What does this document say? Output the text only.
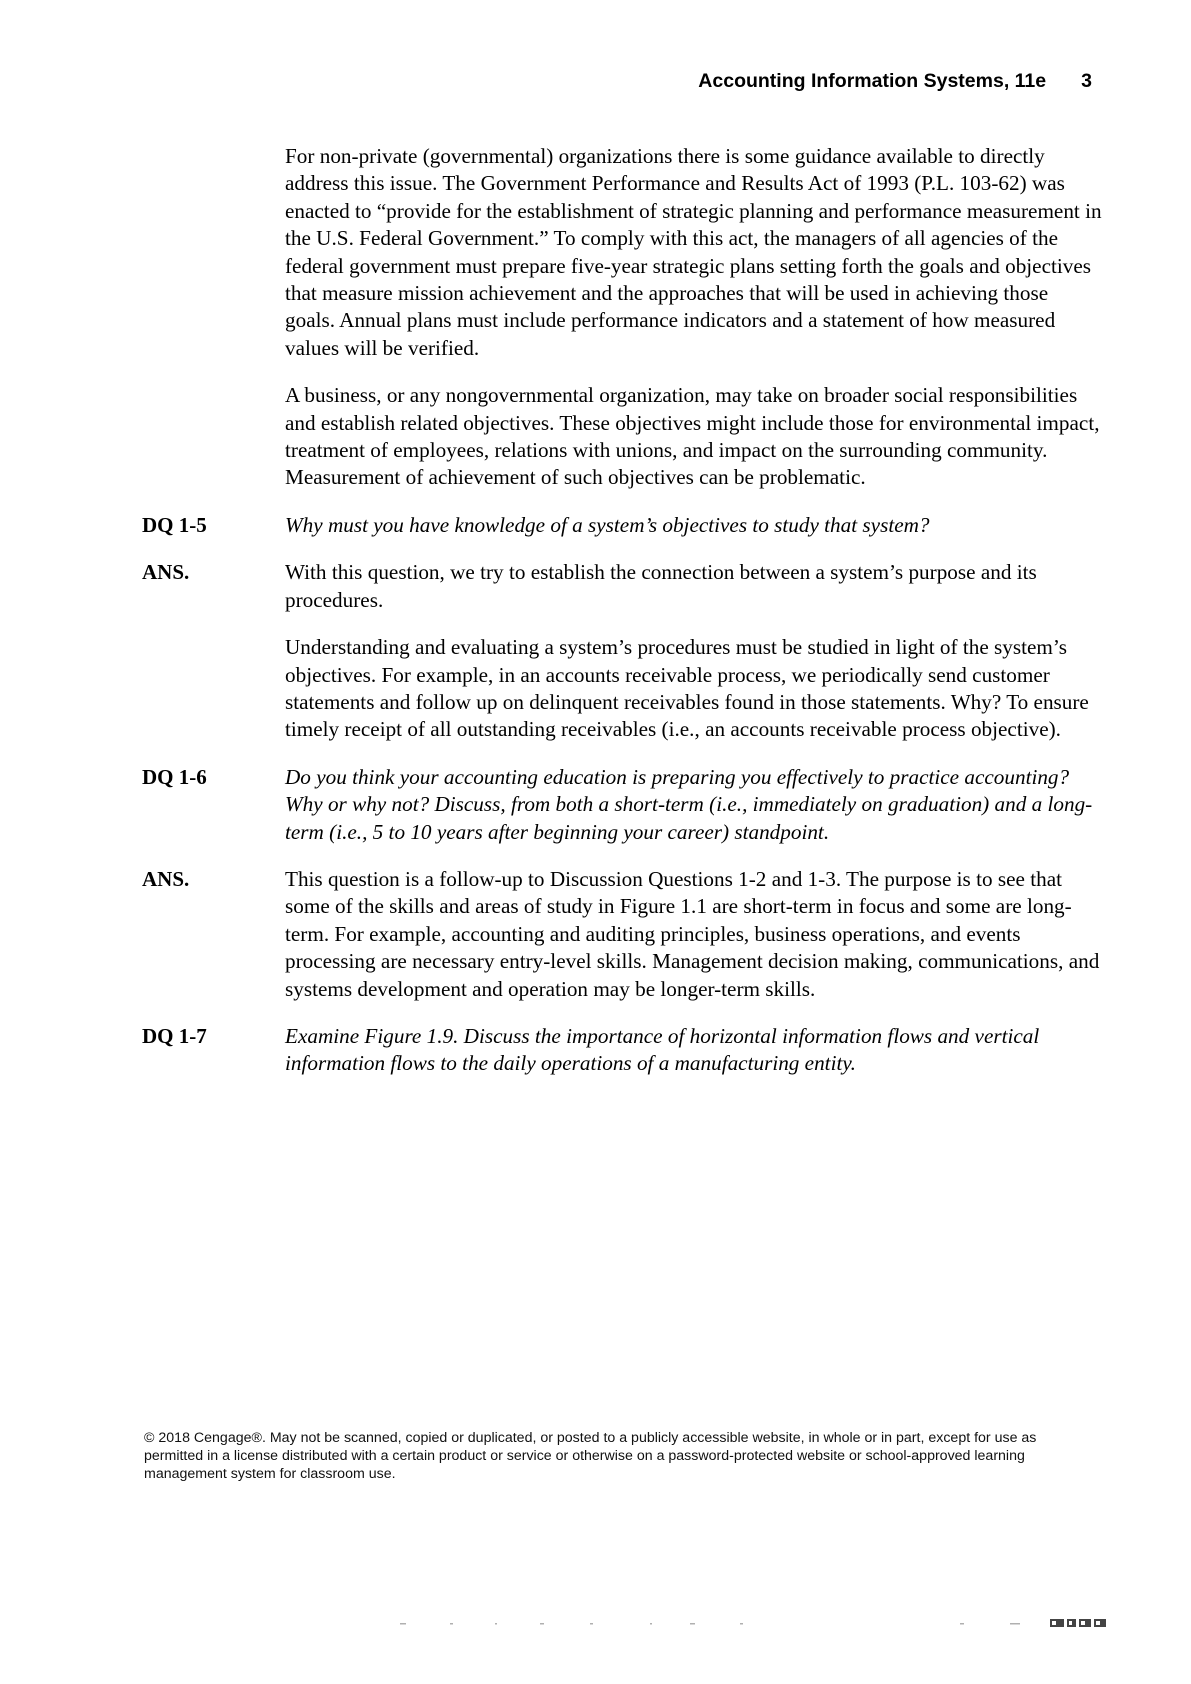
Accounting Information Systems, 11e 3

For non-private (governmental) organizations there is some guidance available to directly address this issue. The Government Performance and Results Act of 1993 (P.L. 103-62) was enacted to “provide for the establishment of strategic planning and performance measurement in the U.S. Federal Government.” To comply with this act, the managers of all agencies of the federal government must prepare five-year strategic plans setting forth the goals and objectives that measure mission achievement and the approaches that will be used in achieving those goals. Annual plans must include performance indicators and a statement of how measured values will be verified.

A business, or any nongovernmental organization, may take on broader social responsibilities and establish related objectives. These objectives might include those for environmental impact, treatment of employees, relations with unions, and impact on the surrounding community. Measurement of achievement of such objectives can be problematic.

DQ 1-5	Why must you have knowledge of a system’s objectives to study that system?
ANS.	With this question, we try to establish the connection between a system’s purpose and its procedures.

Understanding and evaluating a system’s procedures must be studied in light of the system’s objectives. For example, in an accounts receivable process, we periodically send customer statements and follow up on delinquent receivables found in those statements. Why? To ensure timely receipt of all outstanding receivables (i.e., an accounts receivable process objective).

DQ 1-6	Do you think your accounting education is preparing you effectively to practice accounting? Why or why not? Discuss, from both a short-term (i.e., immediately on graduation) and a long-term (i.e., 5 to 10 years after beginning your career) standpoint.
ANS.	This question is a follow-up to Discussion Questions 1-2 and 1-3. The purpose is to see that some of the skills and areas of study in Figure 1.1 are short-term in focus and some are long-term. For example, accounting and auditing principles, business operations, and events processing are necessary entry-level skills. Management decision making, communications, and systems development and operation may be longer-term skills.

DQ 1-7	Examine Figure 1.9. Discuss the importance of horizontal information flows and vertical information flows to the daily operations of a manufacturing entity.
© 2018 Cengage®. May not be scanned, copied or duplicated, or posted to a publicly accessible website, in whole or in part, except for use as permitted in a license distributed with a certain product or service or otherwise on a password-protected website or school-approved learning management system for classroom use.
